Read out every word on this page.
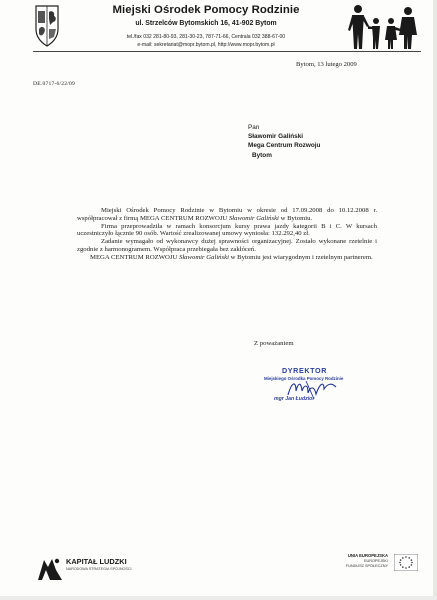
Miejski Ośrodek Pomocy Rodzinie
ul. Strzelców Bytomskich 16, 41-902 Bytom
tel./fax 032 281-80-93, 281-30-23, 787-71-66, Centrala 032 388-67-00
e-mail: sekretariat@mopr.bytom.pl, http://www.mopr.bytom.pl
Bytom, 13 lutego 2009
DE.0717-6/22/09
Pan
Sławomir Galiński
Mega Centrum Rozwoju
Bytom

Miejski Ośrodek Pomocy Rodzinie w Bytomiu w okresie od 17.09.2008 do 10.12.2008 r. współpracował z firmą MEGA CENTRUM ROZWOJU Sławomir Galiński w Bytomiu.

Firma przeprowadziła w ramach konsorcjum kursy prawa jazdy kategorii B i C. W kursach uczestniczyło łącznie 90 osób. Wartość zrealizowanej umowy wyniosła: 132.292,40 zł.

Zadanie wymagało od wykonawcy dużej sprawności organizacyjnej. Zostało wykonane rzetelnie i zgodnie z harmonogramem. Współpraca przebiegała bez zakłóceń.

MEGA CENTRUM ROZWOJU Sławomir Galiński w Bytomiu jest wiarygodnym i rzetelnym partnerem.

Z poważaniem
DYREKTOR
Miejskiego Ośrodka Pomocy Rodzinie
mgr Jan Łudzior
KAPITAŁ LUDZKI
NARODOWA STRATEGIA SPÓJNOŚCI
UNIA EUROPEJSKA
EUROPEJSKI
FUNDUSZ SPOŁECZNY
